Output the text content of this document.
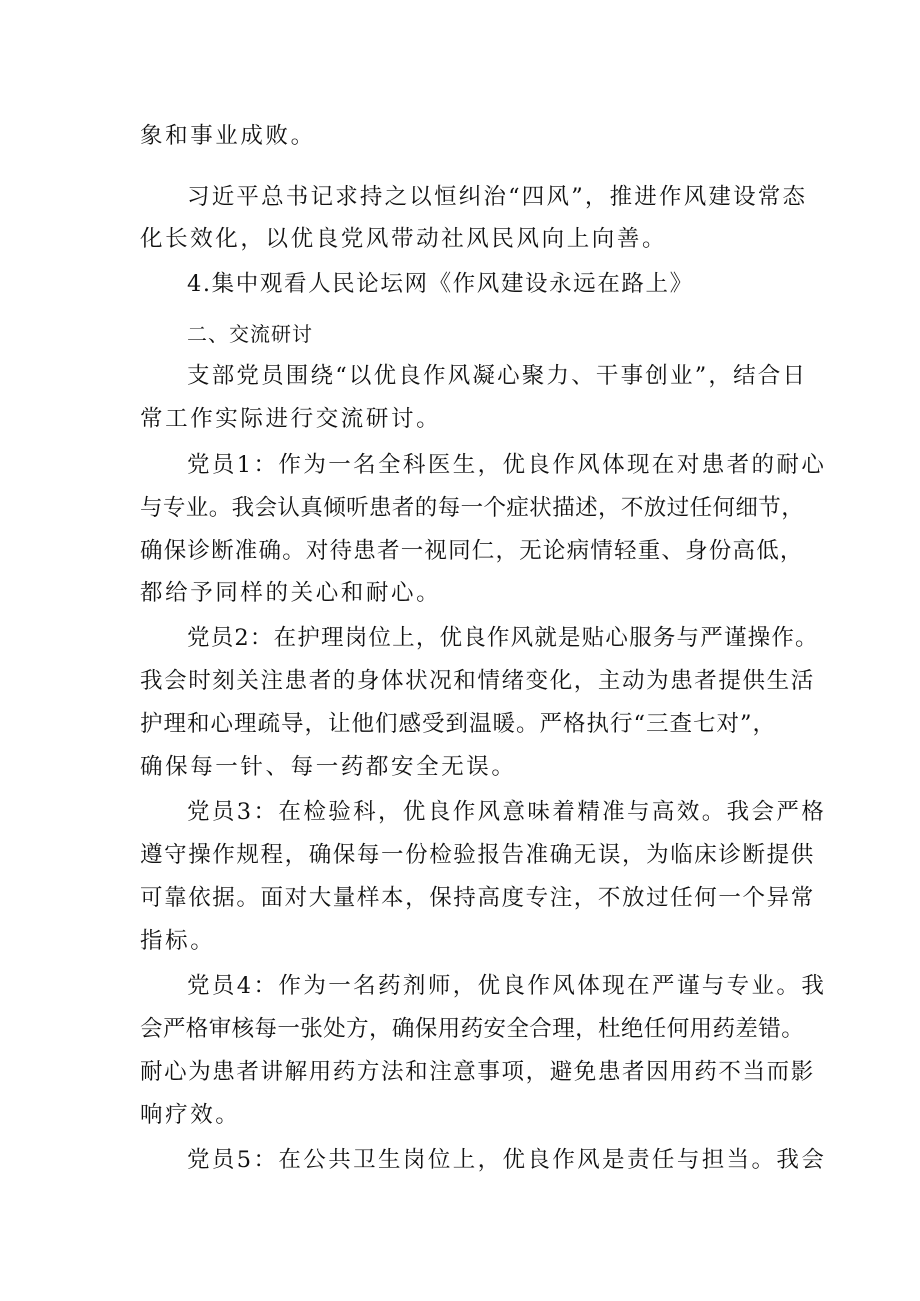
象和事业成败。
习近平总书记求持之以恒纠治“四风”，推进作风建设常态
化长效化，以优良党风带动社风民风向上向善。
4.集中观看人民论坛网《作风建设永远在路上》
二、交流研讨
支部党员围绕“以优良作风凝心聚力、干事创业”，结合日
常工作实际进行交流研讨。
党员1：作为一名全科医生，优良作风体现在对患者的耐心
与专业。我会认真倾听患者的每一个症状描述，不放过任何细节，
确保诊断准确。对待患者一视同仁，无论病情轻重、身份高低，
都给予同样的关心和耐心。
党员2：在护理岗位上，优良作风就是贴心服务与严谨操作。
我会时刻关注患者的身体状况和情绪变化，主动为患者提供生活
护理和心理疏导，让他们感受到温暖。严格执行“三查七对”，
确保每一针、每一药都安全无误。
党员3：在检验科，优良作风意味着精准与高效。我会严格
遵守操作规程，确保每一份检验报告准确无误，为临床诊断提供
可靠依据。面对大量样本，保持高度专注，不放过任何一个异常
指标。
党员4：作为一名药剂师，优良作风体现在严谨与专业。我
会严格审核每一张处方，确保用药安全合理，杜绝任何用药差错。
耐心为患者讲解用药方法和注意事项，避免患者因用药不当而影
响疗效。
党员5：在公共卫生岗位上，优良作风是责任与担当。我会
